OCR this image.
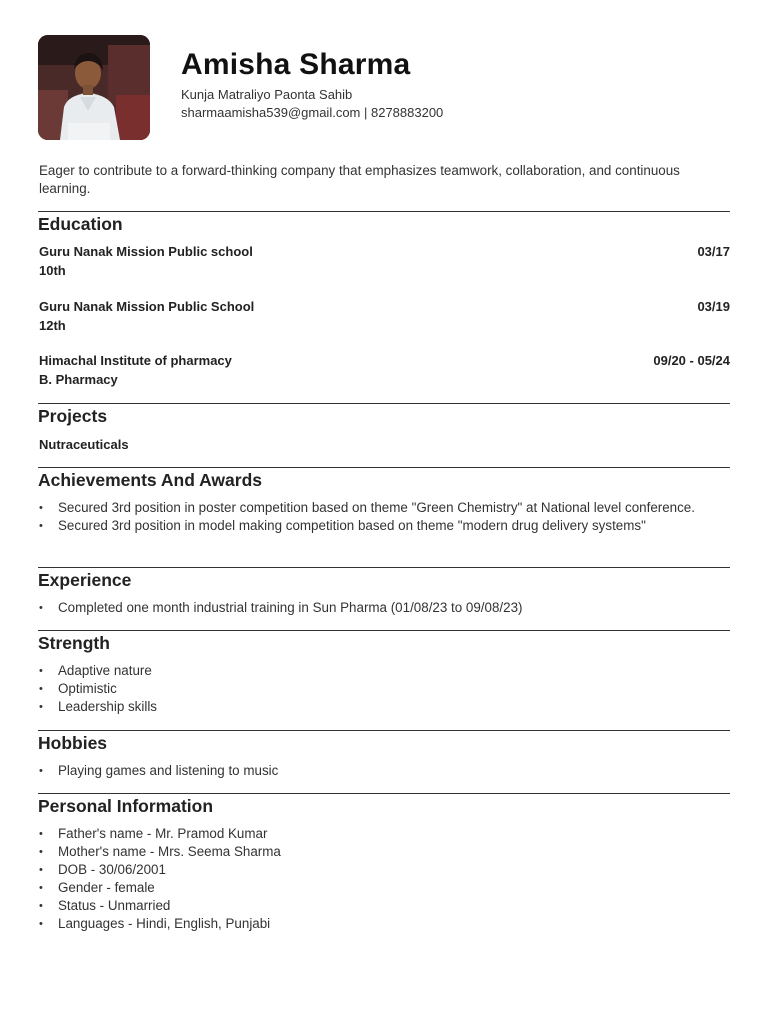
Amisha Sharma
Kunja Matraliyo Paonta Sahib
sharmaamisha539@gmail.com | 8278883200
Eager to contribute to a forward-thinking company that emphasizes teamwork, collaboration, and continuous learning.
Education
Guru Nanak Mission Public school	03/17
10th
Guru Nanak Mission Public School	03/19
12th
Himachal Institute of pharmacy	09/20 - 05/24
B. Pharmacy
Projects
Nutraceuticals
Achievements And Awards
• Secured 3rd position in poster competition based on theme "Green Chemistry" at National level conference.
• Secured 3rd position in model making competition based on theme "modern drug delivery systems"
Experience
• Completed one month industrial training in Sun Pharma (01/08/23 to 09/08/23)
Strength
• Adaptive nature
• Optimistic
• Leadership skills
Hobbies
• Playing games and listening to music
Personal Information
• Father's name - Mr. Pramod Kumar
• Mother's name - Mrs. Seema Sharma
• DOB - 30/06/2001
• Gender - female
• Status - Unmarried
• Languages - Hindi, English, Punjabi
